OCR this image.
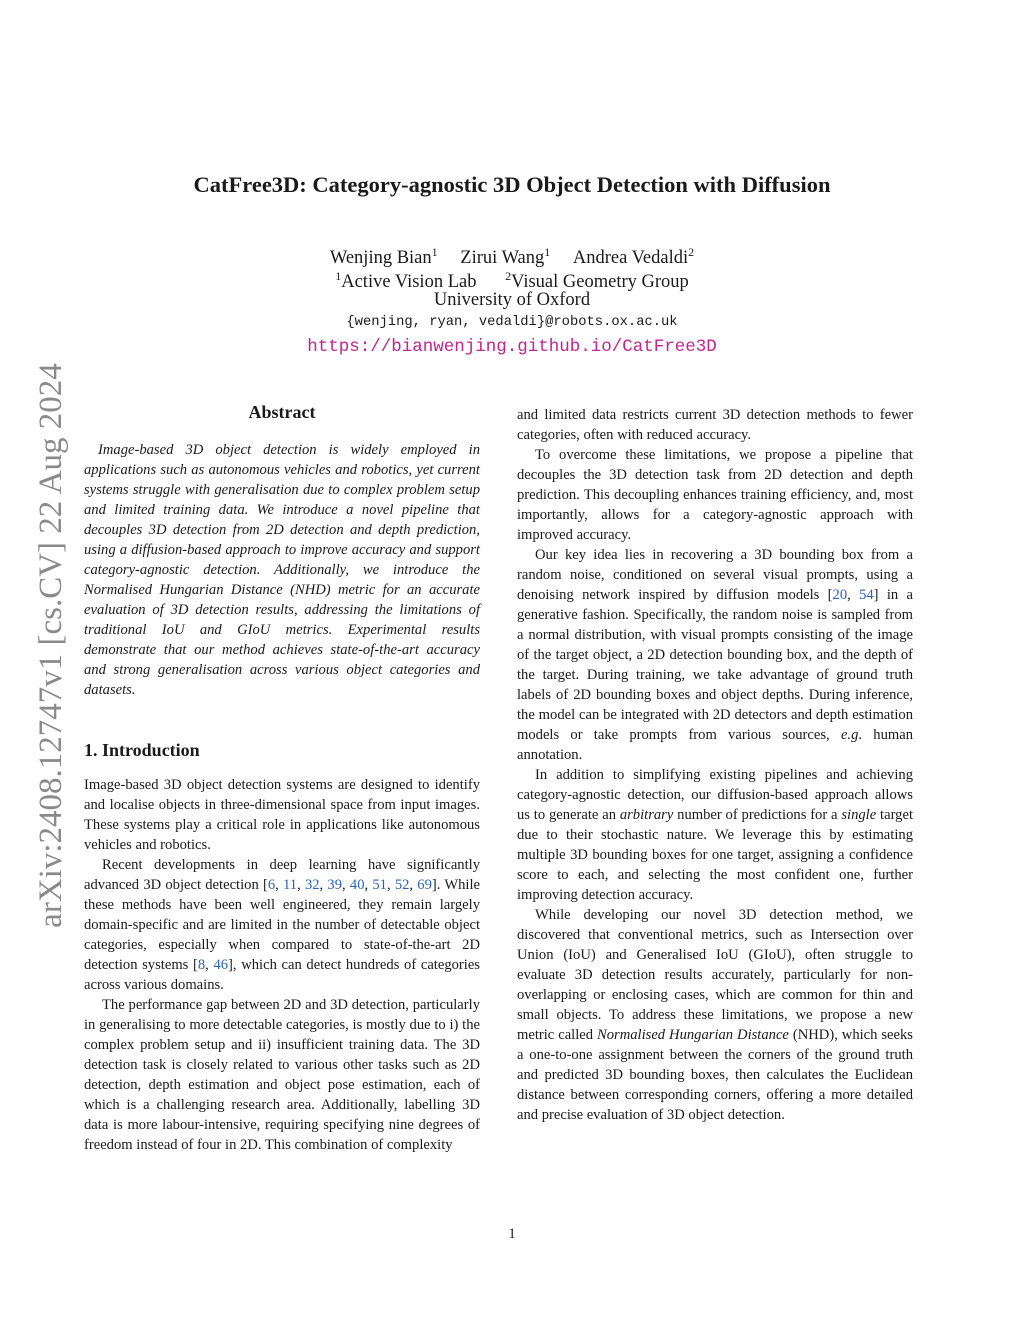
arXiv:2408.12747v1 [cs.CV] 22 Aug 2024
CatFree3D: Category-agnostic 3D Object Detection with Diffusion
Wenjing Bian$^1$ Zirui Wang$^1$ Andrea Vedaldi$^2$
$^1$Active Vision Lab $^2$Visual Geometry Group
University of Oxford
{wenjing, ryan, vedaldi}@robots.ox.ac.uk
https://bianwenjing.github.io/CatFree3D
Abstract

Image-based 3D object detection is widely employed in applications such as autonomous vehicles and robotics, yet current systems struggle with generalisation due to complex problem setup and limited training data. We introduce a novel pipeline that decouples 3D detection from 2D detection and depth prediction, using a diffusion-based approach to improve accuracy and support category-agnostic detection. Additionally, we introduce the Normalised Hungarian Distance (NHD) metric for an accurate evaluation of 3D detection results, addressing the limitations of traditional IoU and GIoU metrics. Experimental results demonstrate that our method achieves state-of-the-art accuracy and strong generalisation across various object categories and datasets.

1. Introduction

Image-based 3D object detection systems are designed to identify and localise objects in three-dimensional space from input images. These systems play a critical role in applications like autonomous vehicles and robotics.

Recent developments in deep learning have significantly advanced 3D object detection [6, 11, 32, 39, 40, 51, 52, 69]. While these methods have been well engineered, they remain largely domain-specific and are limited in the number of detectable object categories, especially when compared to state-of-the-art 2D detection systems [8, 46], which can detect hundreds of categories across various domains.

The performance gap between 2D and 3D detection, particularly in generalising to more detectable categories, is mostly due to i) the complex problem setup and ii) insufficient training data. The 3D detection task is closely related to various other tasks such as 2D detection, depth estimation and object pose estimation, each of which is a challenging research area. Additionally, labelling 3D data is more labour-intensive, requiring specifying nine degrees of freedom instead of four in 2D. This combination of complexity

and limited data restricts current 3D detection methods to fewer categories, often with reduced accuracy.

To overcome these limitations, we propose a pipeline that decouples the 3D detection task from 2D detection and depth prediction. This decoupling enhances training efficiency, and, most importantly, allows for a category-agnostic approach with improved accuracy.

Our key idea lies in recovering a 3D bounding box from a random noise, conditioned on several visual prompts, using a denoising network inspired by diffusion models [20, 54] in a generative fashion. Specifically, the random noise is sampled from a normal distribution, with visual prompts consisting of the image of the target object, a 2D detection bounding box, and the depth of the target. During training, we take advantage of ground truth labels of 2D bounding boxes and object depths. During inference, the model can be integrated with 2D detectors and depth estimation models or take prompts from various sources, e.g. human annotation.

In addition to simplifying existing pipelines and achieving category-agnostic detection, our diffusion-based approach allows us to generate an arbitrary number of predictions for a single target due to their stochastic nature. We leverage this by estimating multiple 3D bounding boxes for one target, assigning a confidence score to each, and selecting the most confident one, further improving detection accuracy.

While developing our novel 3D detection method, we discovered that conventional metrics, such as Intersection over Union (IoU) and Generalised IoU (GIoU), often struggle to evaluate 3D detection results accurately, particularly for non-overlapping or enclosing cases, which are common for thin and small objects. To address these limitations, we propose a new metric called Normalised Hungarian Distance (NHD), which seeks a one-to-one assignment between the corners of the ground truth and predicted 3D bounding boxes, then calculates the Euclidean distance between corresponding corners, offering a more detailed and precise evaluation of 3D object detection.

1
